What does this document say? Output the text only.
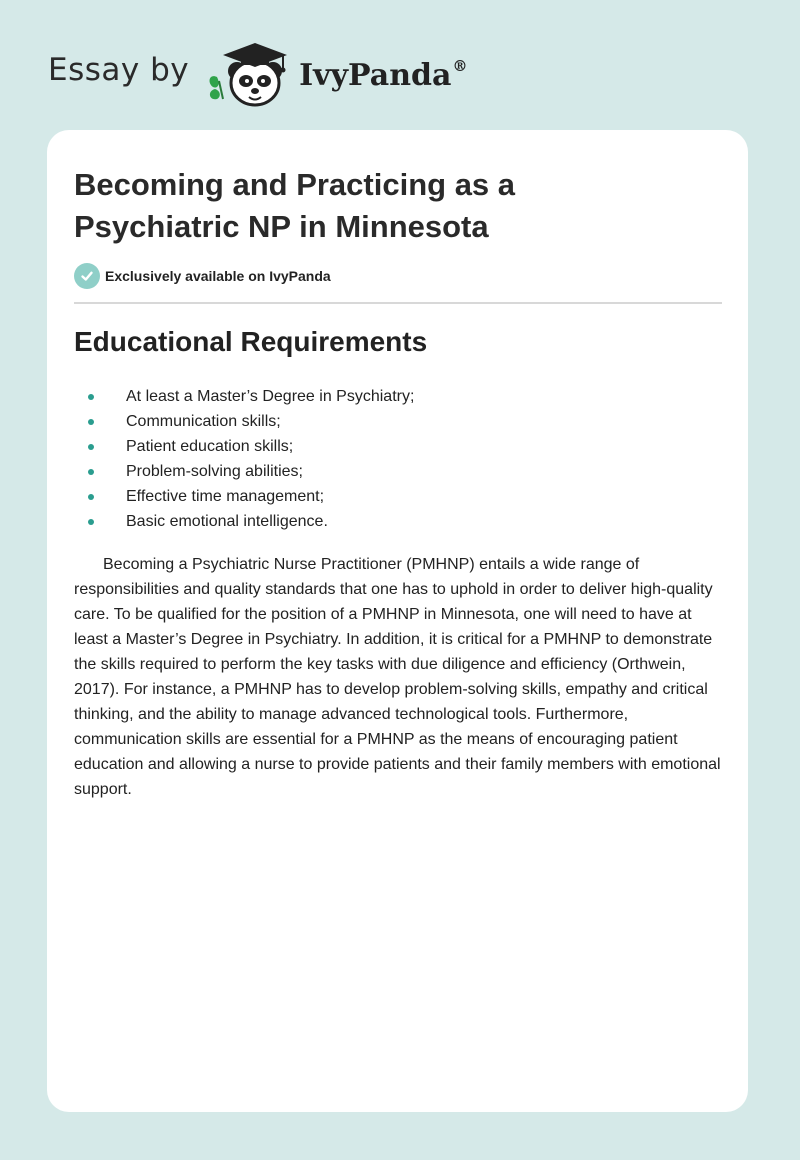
Essay by	IvyPanda®
Becoming and Practicing as a Psychiatric NP in Minnesota
Exclusively available on IvyPanda
Educational Requirements
At least a Master’s Degree in Psychiatry;
Communication skills;
Patient education skills;
Problem-solving abilities;
Effective time management;
Basic emotional intelligence.

Becoming a Psychiatric Nurse Practitioner (PMHNP) entails a wide range of responsibilities and quality standards that one has to uphold in order to deliver high-quality care. To be qualified for the position of a PMHNP in Minnesota, one will need to have at least a Master’s Degree in Psychiatry. In addition, it is critical for a PMHNP to demonstrate the skills required to perform the key tasks with due diligence and efficiency (Orthwein, 2017). For instance, a PMHNP has to develop problem-solving skills, empathy and critical thinking, and the ability to manage advanced technological tools. Furthermore, communication skills are essential for a PMHNP as the means of encouraging patient education and allowing a nurse to provide patients and their family members with emotional support.
